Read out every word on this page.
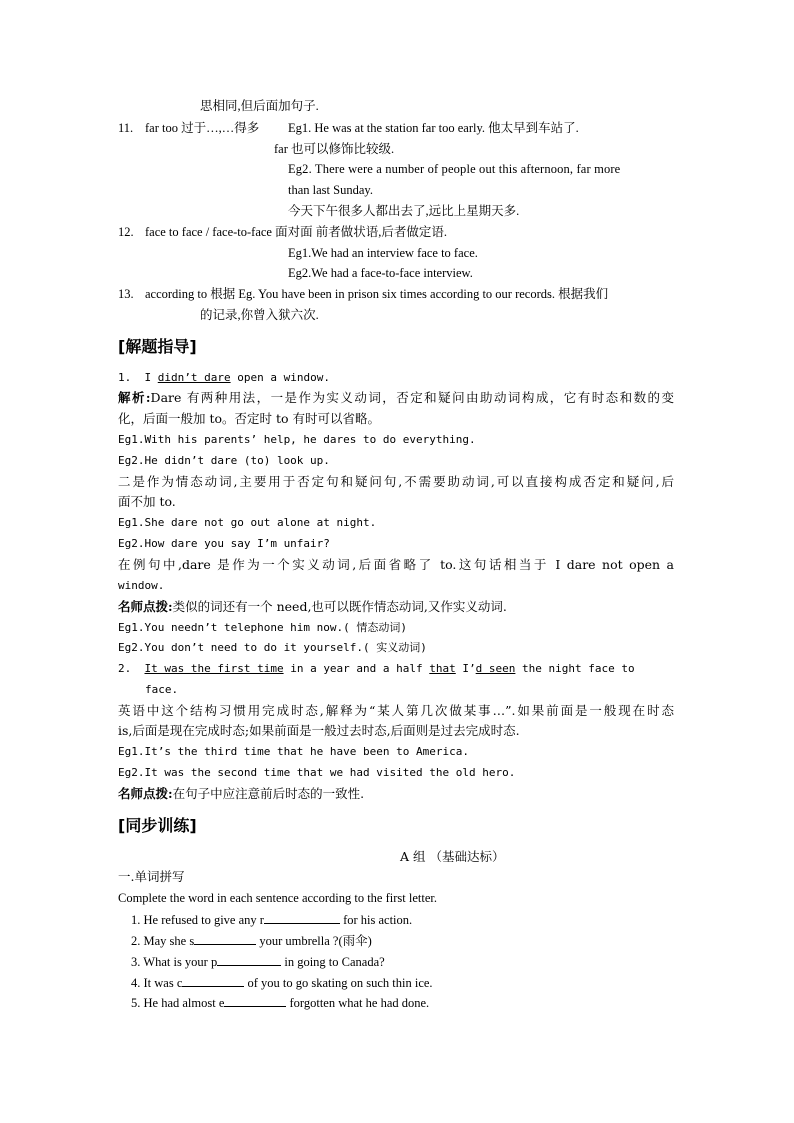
思相同,但后面加句子.
11. far too 过于…,…得多 Eg1. He was at the station far too early. 他太早到车站了.
far 也可以修饰比较级.
Eg2. There were a number of people out this afternoon, far more
than last Sunday.
今天下午很多人都出去了,远比上星期天多.
12. face to face / face-to-face 面对面 前者做状语,后者做定语.
Eg1.We had an interview face to face.
Eg2.We had a face-to-face interview.
13. according to 根据 Eg. You have been in prison six times according to our records. 根据我们
的记录,你曾入狱六次.
[解题指导]
1. I didn’t dare open a window.
解析:Dare 有两种用法，一是作为实义动词，否定和疑问由助动词构成，它有时态和数的变
化，后面一般加 to。否定时 to 有时可以省略。
Eg1.With his parents’ help, he dares to do everything.
Eg2.He didn’t dare (to) look up.
二是作为情态动词,主要用于否定句和疑问句,不需要助动词,可以直接构成否定和疑问,后
面不加 to.
Eg1.She dare not go out alone at night.
Eg2.How dare you say I’m unfair?
在例句中,dare 是作为一个实义动词,后面省略了 to.这句话相当于 I dare not open a
window.
名师点拨:类似的词还有一个 need,也可以既作情态动词,又作实义动词.
Eg1.You needn’t telephone him now.( 情态动词)
Eg2.You don’t need to do it yourself.( 实义动词)
2. It was the first time in a year and a half that I’d seen the night face to
face.
英语中这个结构习惯用完成时态,解释为“某人第几次做某事…”.如果前面是一般现在时态
is,后面是现在完成时态;如果前面是一般过去时态,后面则是过去完成时态.
Eg1.It’s the third time that he have been to America.
Eg2.It was the second time that we had visited the old hero.
名师点拨:在句子中应注意前后时态的一致性.
[同步训练]
A 组 （基础达标）
一.单词拼写
Complete the word in each sentence according to the first letter.
1. He refused to give any r	for his action.
2. May she s	your umbrella ?(雨伞)
3. What is your p	in going to Canada?
4. It was c	of you to go skating on such thin ice.
5. He had almost e	forgotten what he had done.
